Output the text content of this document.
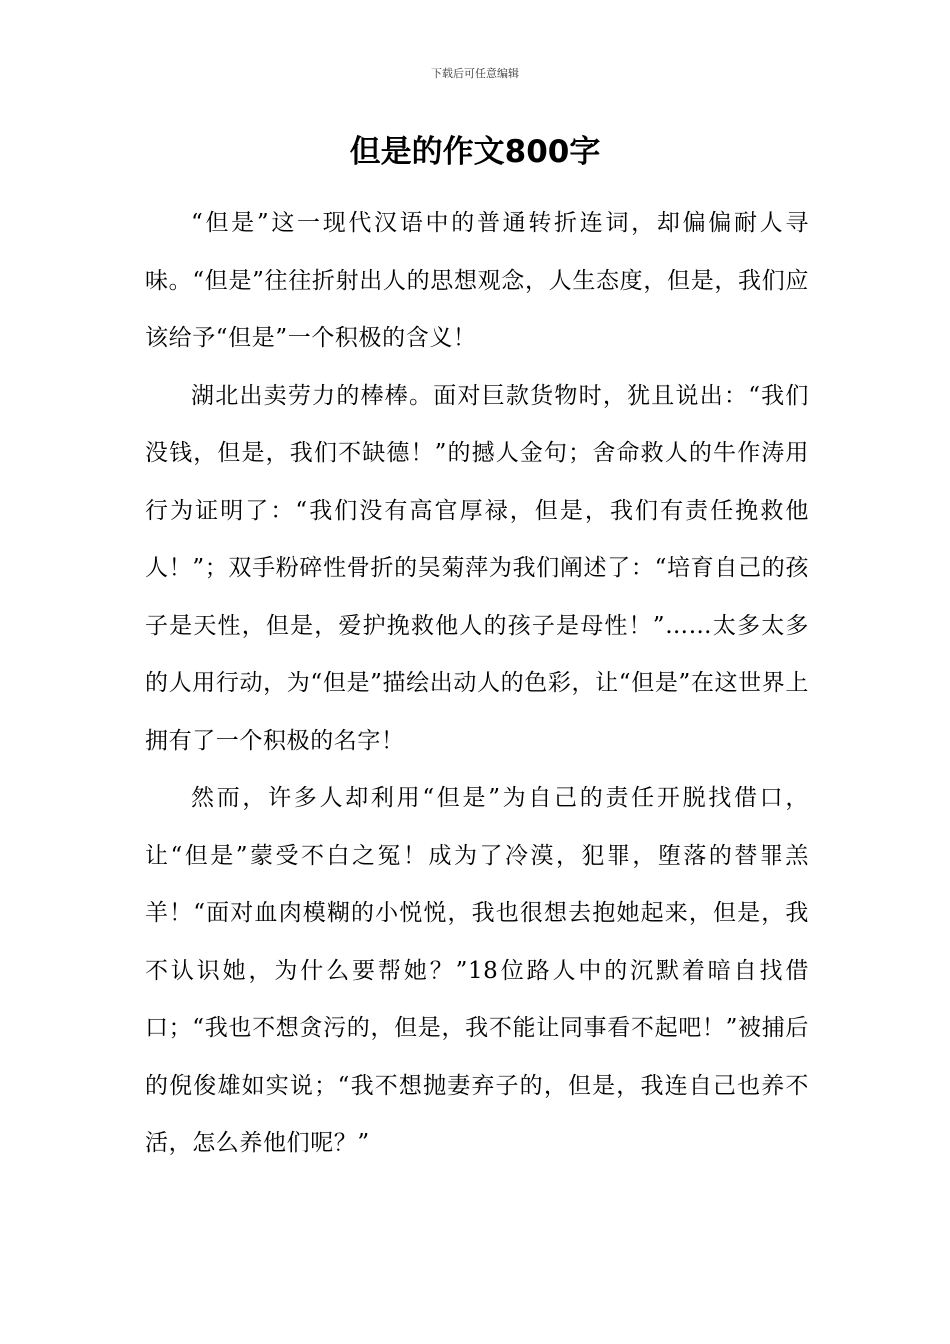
下载后可任意编辑
但是的作文800字

“但是”这一现代汉语中的普通转折连词，却偏偏耐人寻味。“但是”往往折射出人的思想观念，人生态度，但是，我们应该给予“但是”一个积极的含义！

湖北出卖劳力的棒棒。面对巨款货物时，犹且说出：“我们没钱，但是，我们不缺德！”的撼人金句；舍命救人的牛作涛用行为证明了：“我们没有高官厚禄，但是，我们有责任挽救他人！”；双手粉碎性骨折的吴菊萍为我们阐述了：“培育自己的孩子是天性，但是，爱护挽救他人的孩子是母性！”……太多太多的人用行动，为“但是”描绘出动人的色彩，让“但是”在这世界上拥有了一个积极的名字！

然而，许多人却利用“但是”为自己的责任开脱找借口，让“但是”蒙受不白之冤！成为了冷漠，犯罪，堕落的替罪羔羊！“面对血肉模糊的小悦悦，我也很想去抱她起来，但是，我不认识她，为什么要帮她？”18位路人中的沉默着暗自找借口；“我也不想贪污的，但是，我不能让同事看不起吧！”被捕后的倪俊雄如实说；“我不想抛妻弃子的，但是，我连自己也养不活，怎么养他们呢？”
